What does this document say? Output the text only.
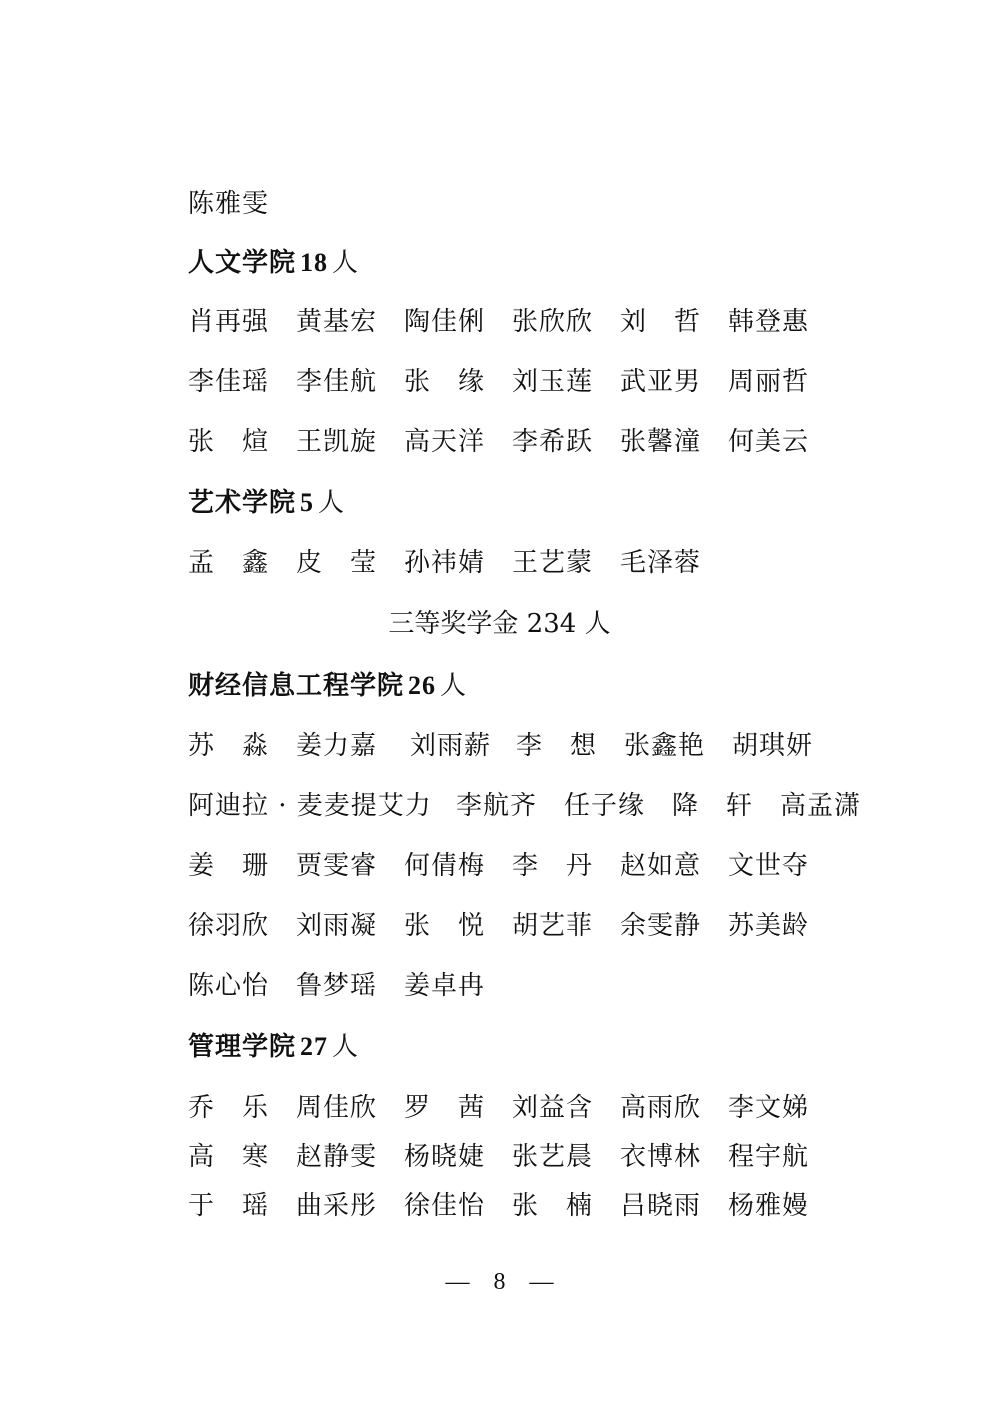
陈雅雯
人文学院 18 人
肖再强 黄基宏 陶佳俐 张欣欣 刘　哲 韩登惠
李佳瑶 李佳航 张　缘 刘玉莲 武亚男 周丽哲
张　煊 王凯旋 高天洋 李希跃 张馨潼 何美云
艺术学院 5 人
孟　鑫 皮　莹 孙祎婧 王艺蒙 毛泽蓉
三等奖学金 234 人
财经信息工程学院 26 人
苏　淼 姜力嘉 刘雨薪 李　想 张鑫艳 胡琪妍
阿迪拉 · 麦麦提艾力 李航齐 任子缘 降　轩 高孟潇
姜　珊 贾雯睿 何倩梅 李　丹 赵如意 文世夺
徐羽欣 刘雨凝 张　悦 胡艺菲 余雯静 苏美龄
陈心怡 鲁梦瑶 姜卓冉
管理学院 27 人
乔　乐 周佳欣 罗　茜 刘益含 高雨欣 李文娣
高　寒 赵静雯 杨晓婕 张艺晨 衣博林 程宇航
于　瑶 曲采彤 徐佳怡 张　楠 吕晓雨 杨雅嫚
—　8　—
